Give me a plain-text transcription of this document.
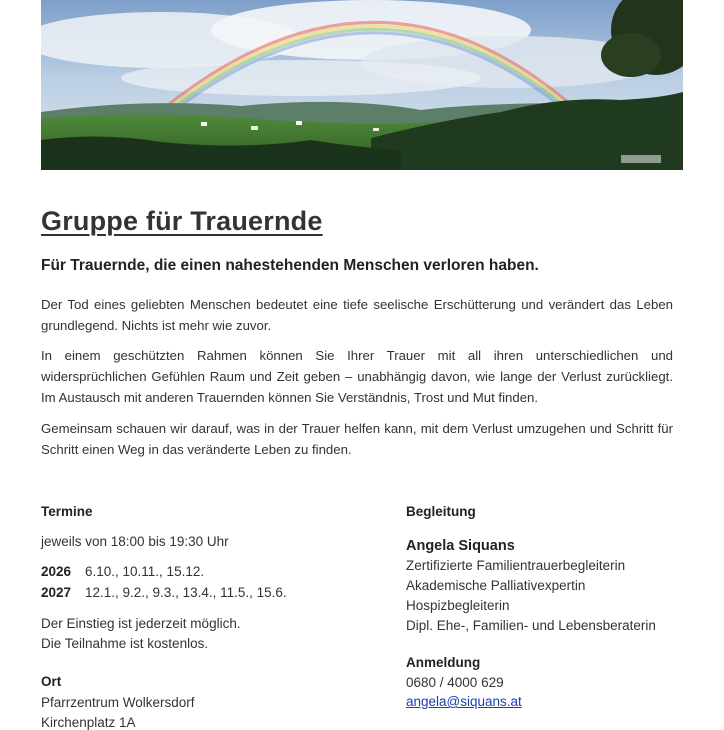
Gruppe für Trauernde

Für Trauernde, die einen nahestehenden Menschen verloren haben.

Der Tod eines geliebten Menschen bedeutet eine tiefe seelische Erschütterung und verändert das Leben grundlegend. Nichts ist mehr wie zuvor.

In einem geschützten Rahmen können Sie Ihrer Trauer mit all ihren unterschiedlichen und widersprüchlichen Gefühlen Raum und Zeit geben – unabhängig davon, wie lange der Verlust zurückliegt. Im Austausch mit anderen Trauernden können Sie Verständnis, Trost und Mut finden.

Gemeinsam schauen wir darauf, was in der Trauer helfen kann, mit dem Verlust umzugehen und Schritt für Schritt einen Weg in das veränderte Leben zu finden.

Termine
jeweils von 18:00 bis 19:30 Uhr
2026 6.10., 10.11., 15.12.
2027 12.1., 9.2., 9.3., 13.4., 11.5., 15.6.
Der Einstieg ist jederzeit möglich.
Die Teilnahme ist kostenlos.
Ort
Pfarrzentrum Wolkersdorf
Kirchenplatz 1A
Begleitung
Angela Siquans
Zertifizierte Familientrauerbegleiterin
Akademische Palliativexpertin
Hospizbegleiterin
Dipl. Ehe-, Familien- und Lebensberaterin
Anmeldung
0680 / 4000 629
angela@siquans.at
